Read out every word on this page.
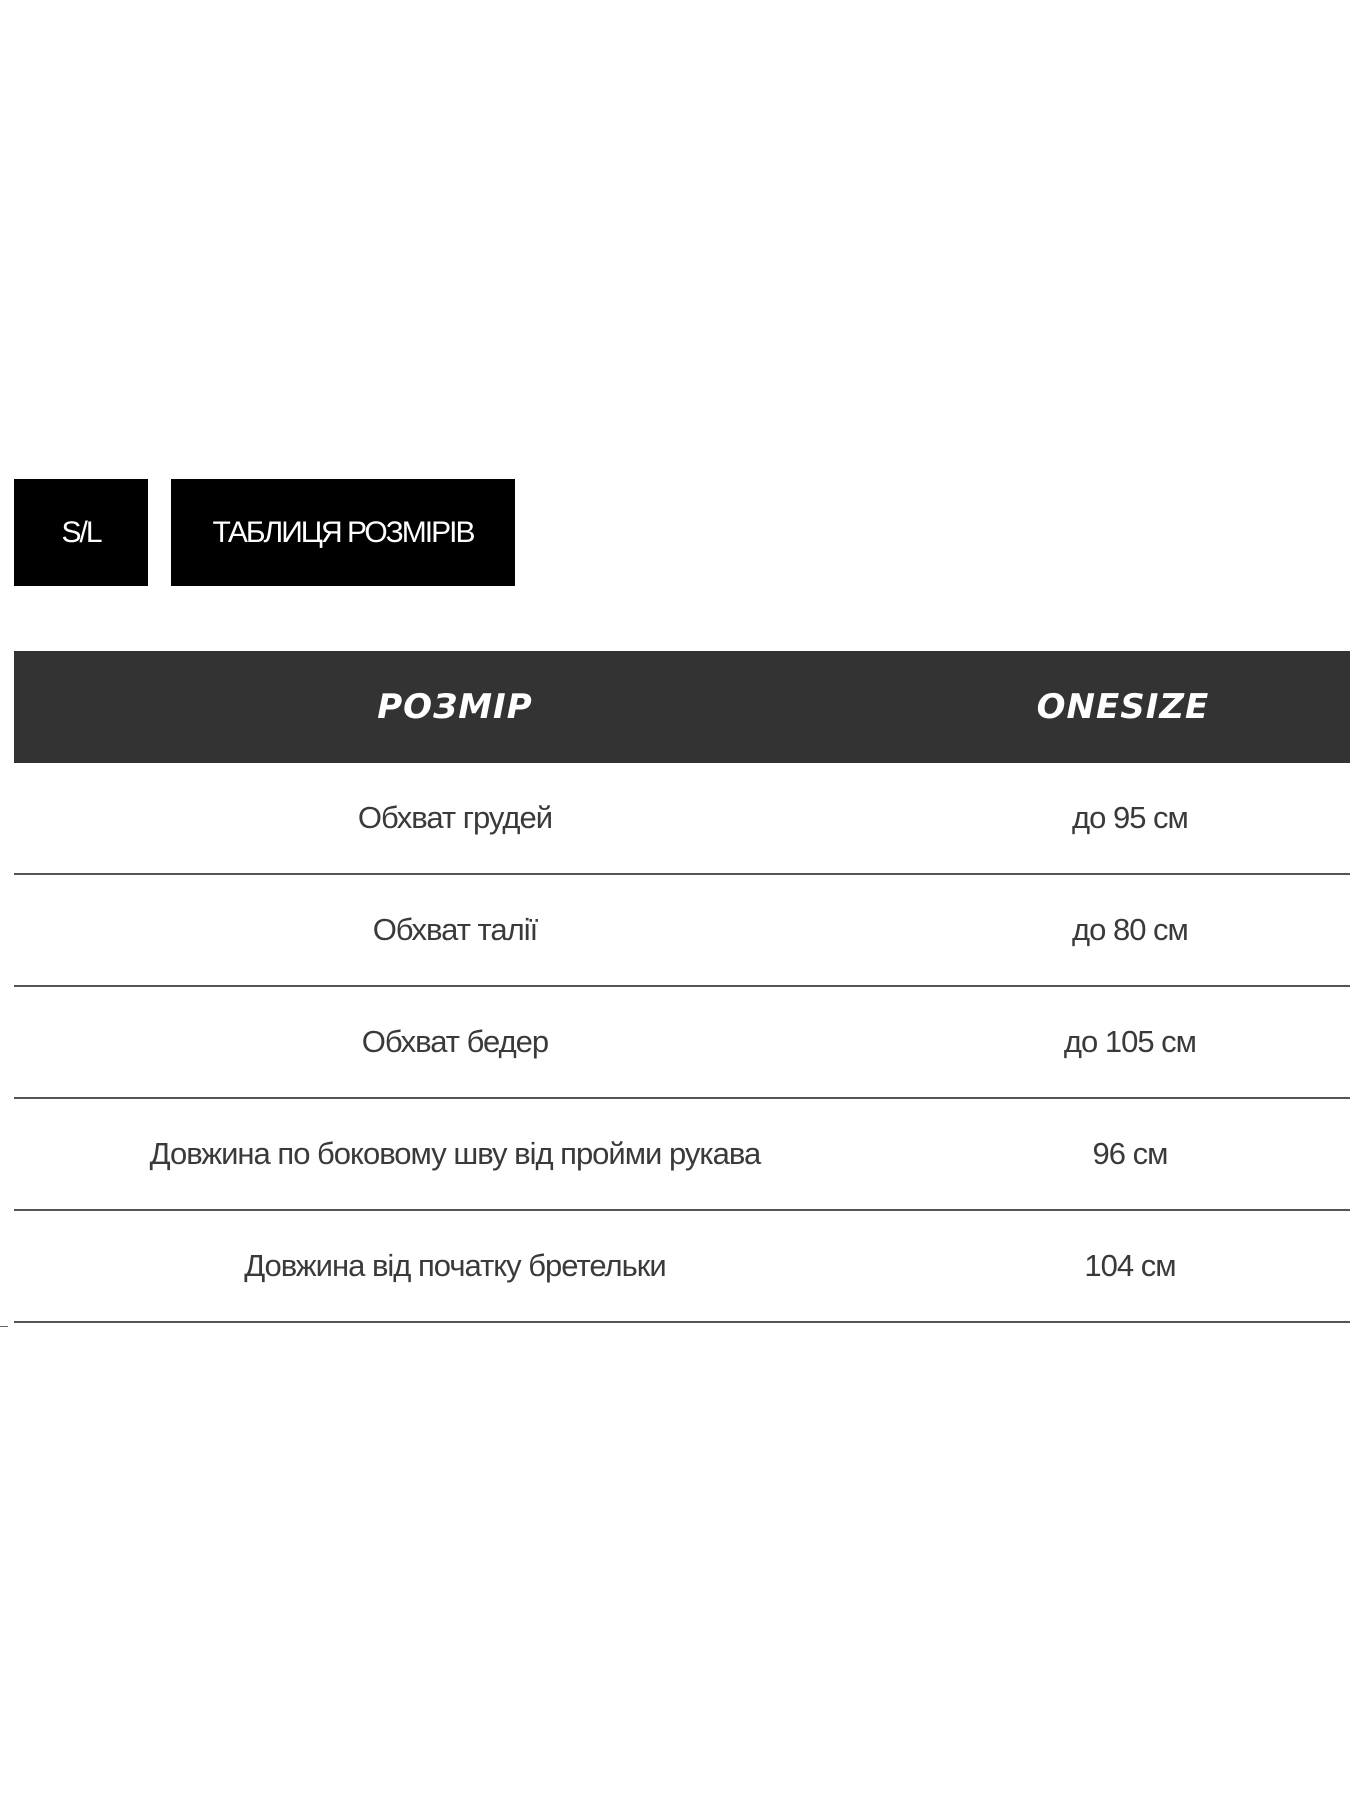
S/L	ТАБЛИЦЯ РОЗМІРІВ
РОЗМІР	ONESIZE
Обхват грудей	до 95 см
Обхват талії	до 80 см
Обхват бедер	до 105 см
Довжина по боковому шву від пройми рукава	96 см
Довжина від початку бретельки	104 см
